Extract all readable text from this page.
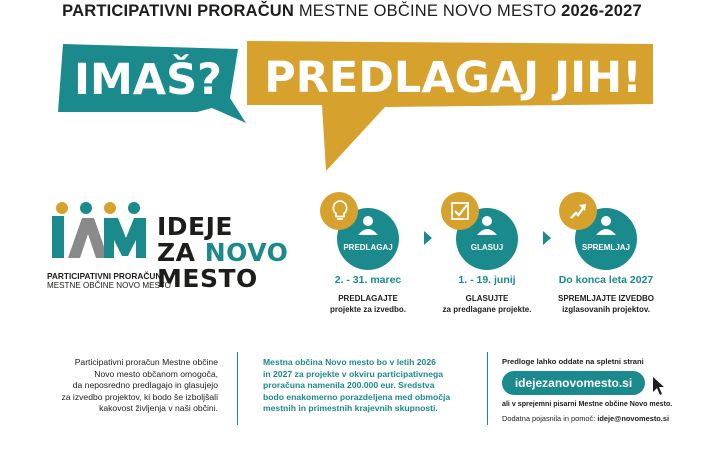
PARTICIPATIVNI PRORAČUN MESTNE OBČINE NOVO MESTO 2026-2027
IMAŠ? PREDLAGAJ JIH!
IDEJE
ZA NOVO
MESTO
PARTICIPATIVNI PRORAČUN
MESTNE OBČINE NOVO MESTO
PREDLAGAJ
2. - 31. marec
PREDLAGAJTE
projekte za izvedbo.
GLASUJ
1. - 19. junij
GLASUJTE
za predlagane projekte.
SPREMLJAJ
Do konca leta 2027
SPREMLJAJTE IZVEDBO
izglasovanih projektov.
Participativni proračun Mestne občine
Novo mesto občanom omogoča,
da neposredno predlagajo in glasujejo
za izvedbo projektov, ki bodo še izboljšali
kakovost življenja v naši občini.
Mestna občina Novo mesto bo v letih 2026
in 2027 za projekte v okviru participativnega
proračuna namenila 200.000 eur. Sredstva
bodo enakomerno porazdeljena med območja
mestnih in primestnih krajevnih skupnosti.
Predloge lahko oddate na spletni strani
idejezanovomesto.si
ali v sprejemni pisarni Mestne občine Novo mesto.
Dodatna pojasnila in pomoč: ideje@novomesto.si
